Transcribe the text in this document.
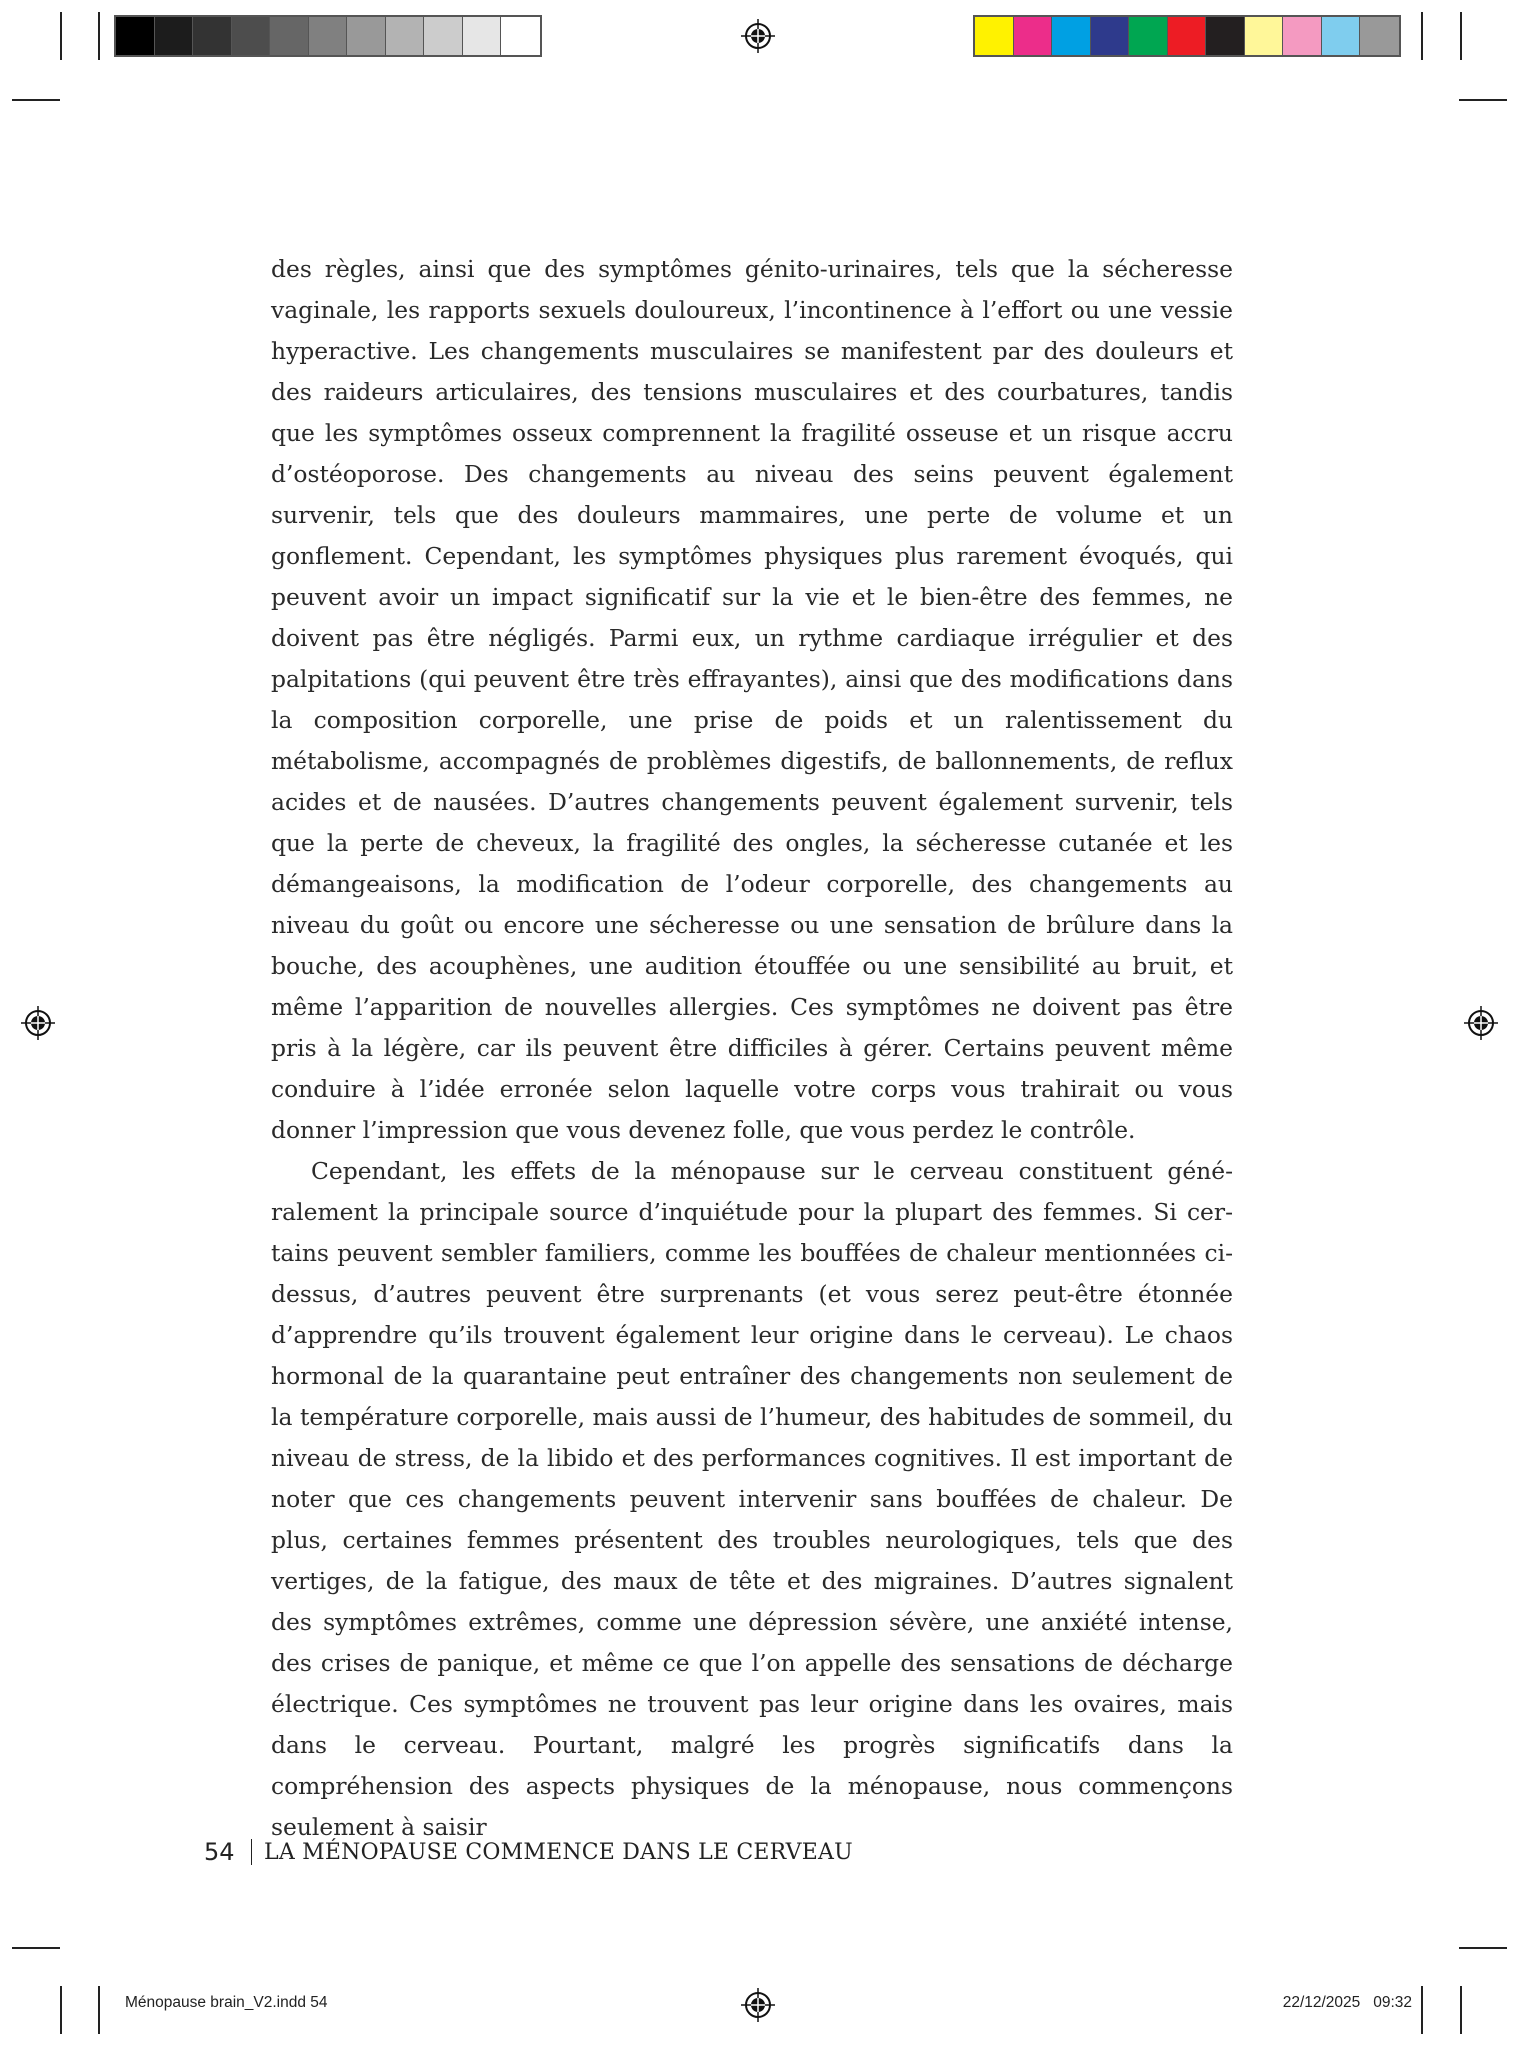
des règles, ainsi que des symptômes génito-urinaires, tels que la sécheresse vaginale, les rapports sexuels douloureux, l’incontinence à l’effort ou une vessie hyperactive. Les changements musculaires se manifestent par des douleurs et des raideurs articulaires, des tensions musculaires et des courbatures, tandis que les symptômes osseux comprennent la fragilité osseuse et un risque accru d’ostéoporose. Des changements au niveau des seins peuvent également survenir, tels que des douleurs mammaires, une perte de volume et un gonflement. Cependant, les symptômes physiques plus rarement évoqués, qui peuvent avoir un impact significatif sur la vie et le bien-être des femmes, ne doivent pas être négligés. Parmi eux, un rythme cardiaque irrégulier et des palpitations (qui peuvent être très effrayantes), ainsi que des modifications dans la composition corporelle, une prise de poids et un ralentissement du métabolisme, accompagnés de problèmes digestifs, de ballonnements, de reflux acides et de nausées. D’autres changements peuvent également survenir, tels que la perte de cheveux, la fragilité des ongles, la sécheresse cutanée et les démangeaisons, la modification de l’odeur corporelle, des changements au niveau du goût ou encore une sécheresse ou une sensation de brûlure dans la bouche, des acouphènes, une audition étouffée ou une sensibilité au bruit, et même l’apparition de nouvelles allergies. Ces symptômes ne doivent pas être pris à la légère, car ils peuvent être difficiles à gérer. Certains peuvent même conduire à l’idée erronée selon laquelle votre corps vous trahirait ou vous donner l’impression que vous devenez folle, que vous perdez le contrôle.

Cependant, les effets de la ménopause sur le cerveau constituent généralement la principale source d’inquiétude pour la plupart des femmes. Si certains peuvent sembler familiers, comme les bouffées de chaleur mentionnées ci-dessus, d’autres peuvent être surprenants (et vous serez peut-être étonnée d’apprendre qu’ils trouvent également leur origine dans le cerveau). Le chaos hormonal de la quarantaine peut entraîner des changements non seulement de la température corporelle, mais aussi de l’humeur, des habitudes de sommeil, du niveau de stress, de la libido et des performances cognitives. Il est important de noter que ces changements peuvent intervenir sans bouffées de chaleur. De plus, certaines femmes présentent des troubles neurologiques, tels que des vertiges, de la fatigue, des maux de tête et des migraines. D’autres signalent des symptômes extrêmes, comme une dépression sévère, une anxiété intense, des crises de panique, et même ce que l’on appelle des sensations de décharge électrique. Ces symptômes ne trouvent pas leur origine dans les ovaires, mais dans le cerveau. Pourtant, malgré les progrès significatifs dans la compréhension des aspects physiques de la ménopause, nous commençons seulement à saisir

54 LA MÉNOPAUSE COMMENCE DANS LE CERVEAU
Ménopause brain_V2.indd 54	22/12/2025   09:32
